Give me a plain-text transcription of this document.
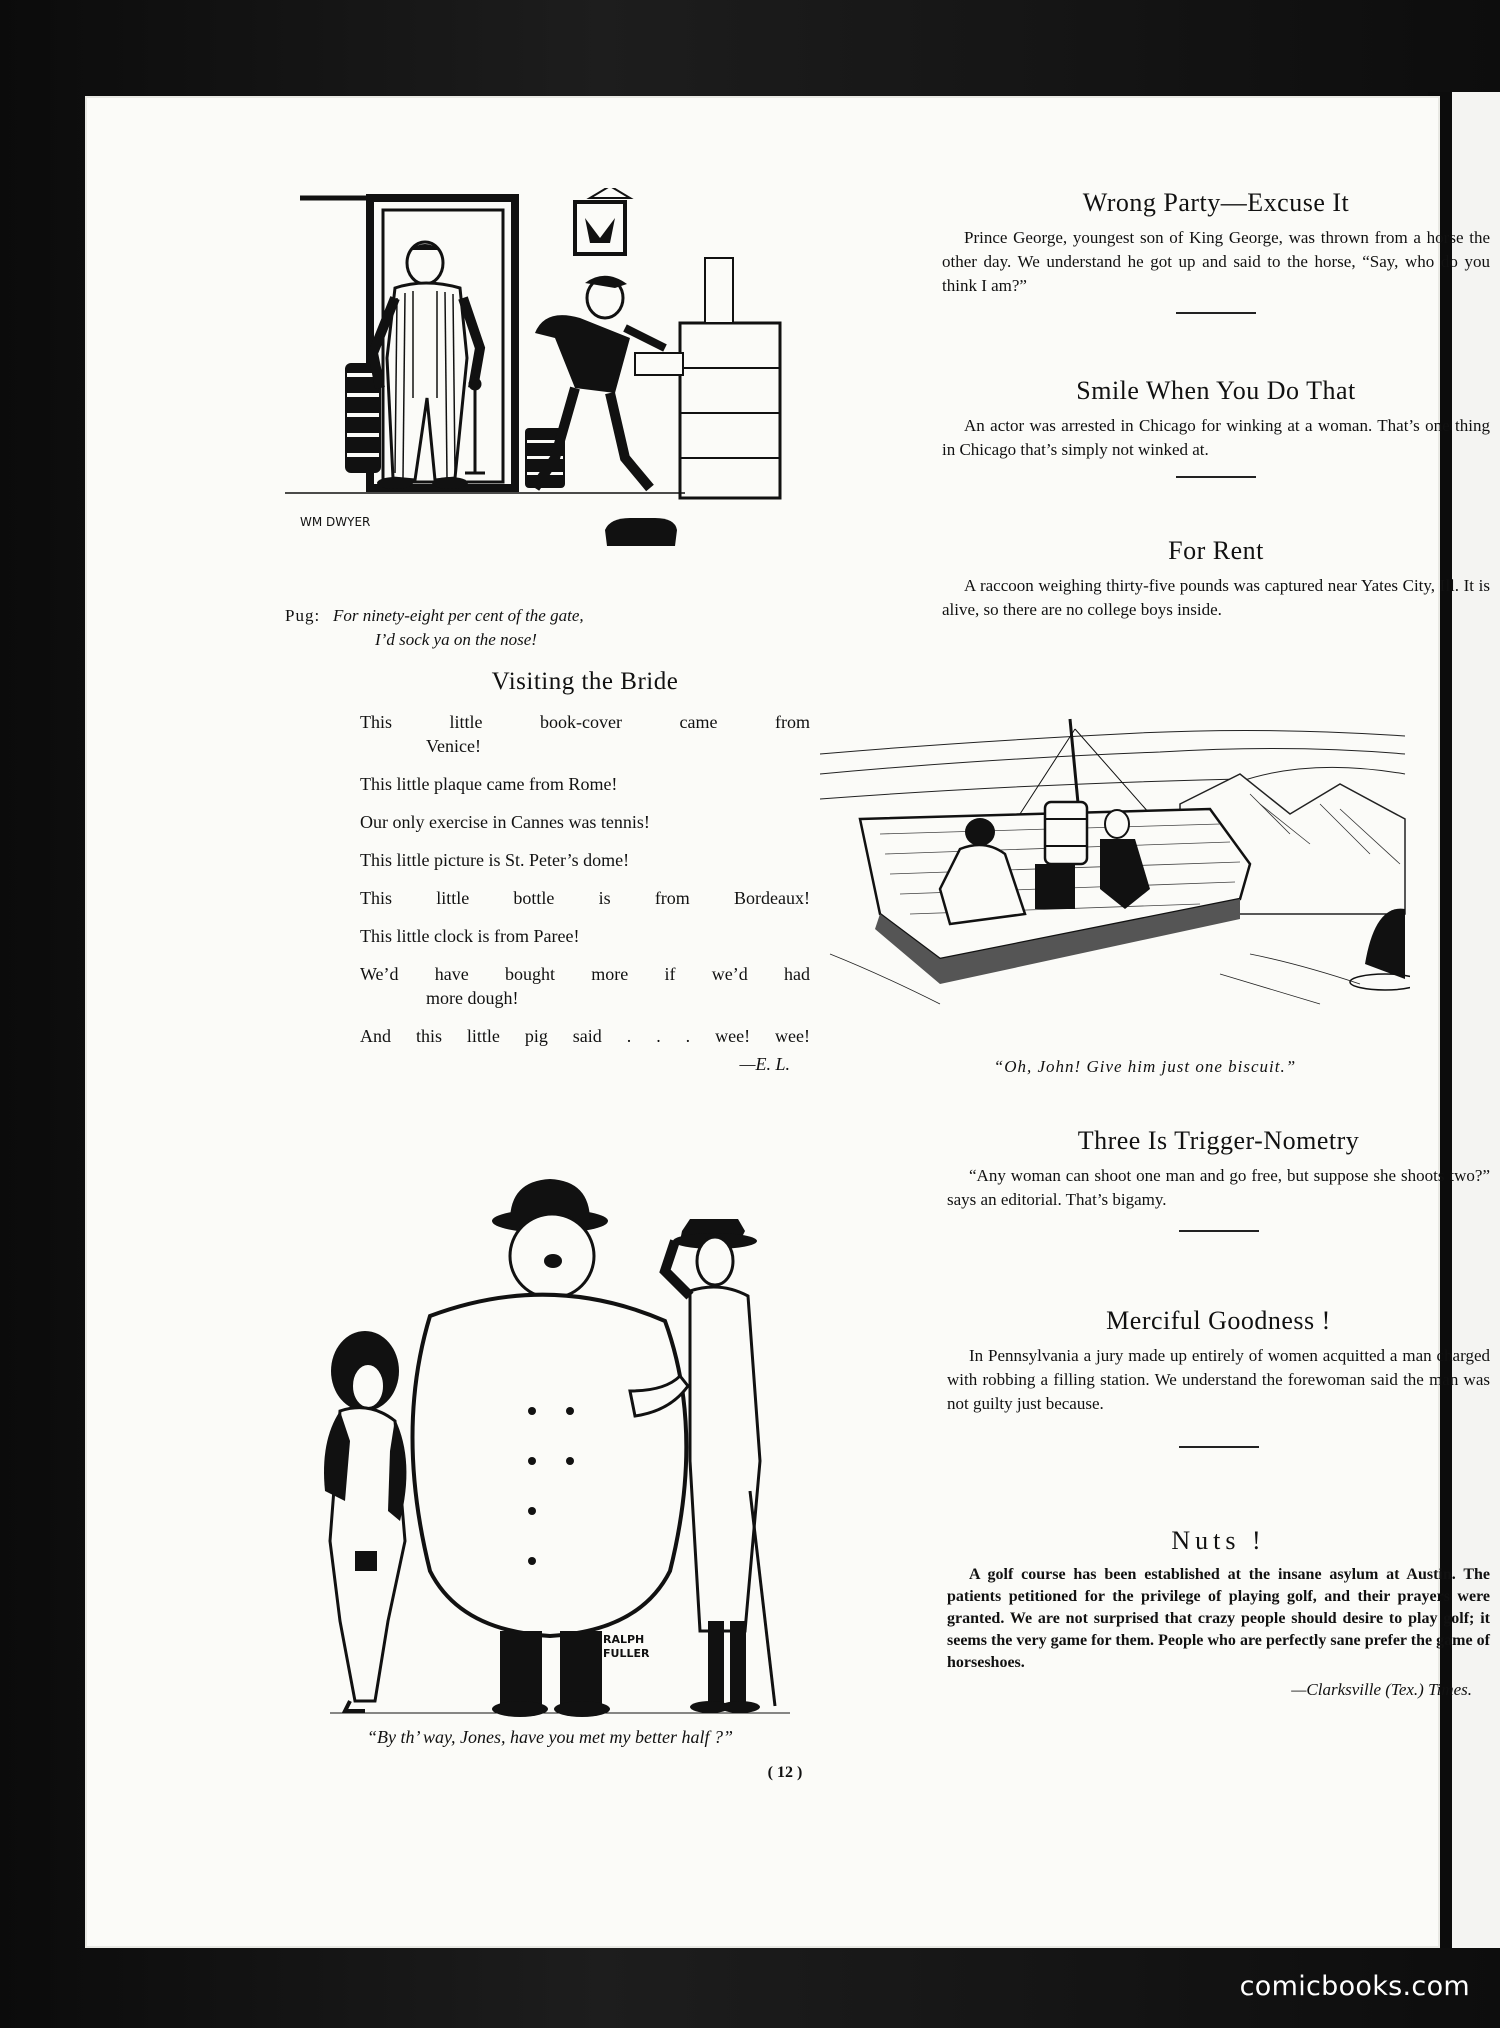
WM DWYER
Pug: For ninety-eight per cent of the gate,
I’d sock ya on the nose!
Visiting the Bride

This little book-cover came from

Venice!

This little plaque came from Rome!

Our only exercise in Cannes was tennis!

This little picture is St. Peter’s dome!

This little bottle is from Bordeaux!

This little clock is from Paree!

We’d have bought more if we’d had

more dough!

And this little pig said . . . wee! wee!

—E. L.
RALPH
FULLER
“By th’ way, Jones, have you met my better half ?”
Wrong Party—Excuse It

Prince George, youngest son of King George, was thrown from a horse the other day. We understand he got up and said to the horse, “Say, who do you think I am?”

Smile When You Do That

An actor was arrested in Chicago for winking at a woman. That’s one thing in Chicago that’s simply not winked at.

For Rent

A raccoon weighing thirty-five pounds was captured near Yates City, Ill. It is alive, so there are no college boys inside.

“Oh, John! Give him just one biscuit.”
Three Is Trigger-Nometry

“Any woman can shoot one man and go free, but suppose she shoots two?” says an editorial. That’s bigamy.

Merciful Goodness !

In Pennsylvania a jury made up entirely of women acquitted a man charged with robbing a filling station. We understand the forewoman said the man was not guilty just because.

Nuts !

A golf course has been established at the insane asylum at Austin. The patients petitioned for the privilege of playing golf, and their prayers were granted. We are not surprised that crazy people should desire to play golf; it seems the very game for them. People who are perfectly sane prefer the game of horseshoes.

—Clarksville (Tex.) Times.
( 12 )
comicbooks.com
